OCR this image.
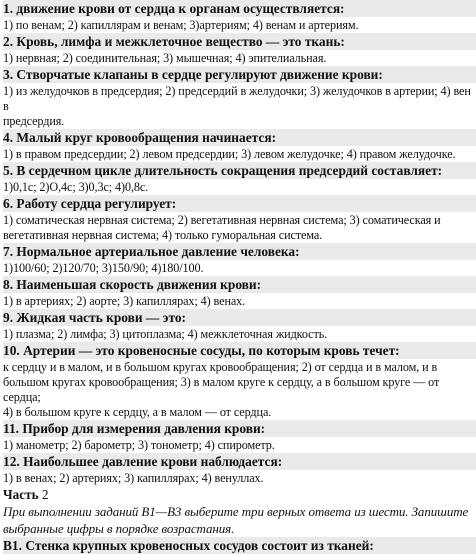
1. движение крови от сердца к органам осуществляется:
1) по венам; 2) капиллярам и венам; 3)артериям; 4) венам и артериям.
2. Кровь, лимфа и межклеточное вещество — это ткань:
1) нервная; 2) соединительная; 3) мышечная; 4) эпителиальная.
3. Створчатые клапаны в сердце регулируют движение крови:
1) из желудочков в предсердия; 2) предсердий в желудочки; 3) желудочков в артерии; 4) вен в
предсердия.
4. Малый круг кровообращения начинается:
1) в правом предсердии; 2) левом предсердии; 3) левом желудочке; 4) правом желудочке.
5. В сердечном цикле длительность сокращения предсердий составляет:
1)0,1с; 2)О,4с; 3)0,3с; 4)0,8с.
6. Работу сердца регулирует:
1) соматическая нервная система; 2) вегетативная нервная система; 3) соматическая и
вегетативная нервная система; 4) только гуморальная система.
7. Нормальное артериальное давление человека:
1)100/60; 2)120/70; 3)150/90; 4)180/100.
8. Наименьшая скорость движения крови:
1) в артериях; 2) аорте; 3) капиллярах; 4) венах.
9. Жидкая часть крови — это:
1) плазма; 2) лимфа; 3) цитоплазма; 4) межклеточная жидкость.
10. Артерии — это кровеносные сосуды, по которым кровь течет:
к сердцу и в малом, и в большом кругах кровообращения; 2) от сердца и в малом, и в
большом кругах кровообращения; 3) в малом круге к сердцу, а в большом круге — от сердца;
4) в большом круге к сердцу, а в малом — от сердца.
11. Прибор для измерения давления крови:
1) манометр; 2) барометр; 3) тонометр; 4) спирометр.
12. Наибольшее давление крови наблюдается:
1) в венах; 2) артериях; 3) капиллярах; 4) венуллах.
Часть 2
При выполнении заданий В1—В3 выберите три верных ответа из шести. Запишите
выбранные цифры в порядке возрастания.
В1. Стенка крупных кровеносных сосудов состоит из тканей:
